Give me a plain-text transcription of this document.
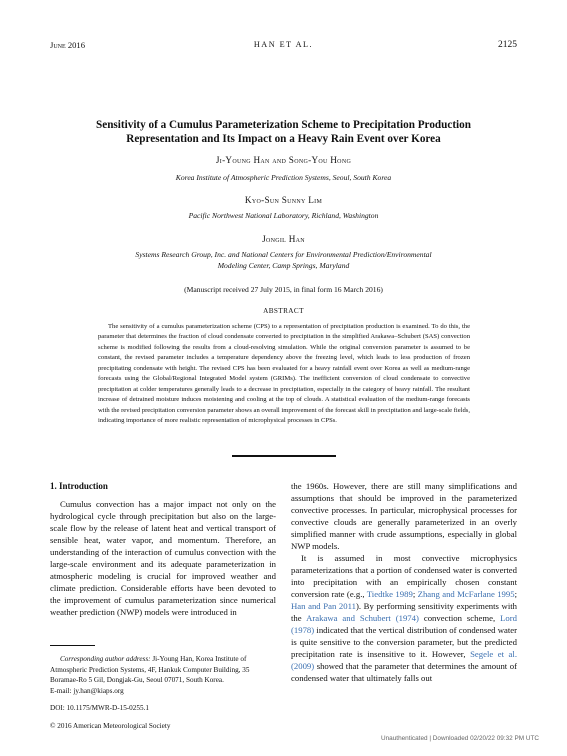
June 2016	HAN ET AL.	2125
Sensitivity of a Cumulus Parameterization Scheme to Precipitation Production Representation and Its Impact on a Heavy Rain Event over Korea
Ji-Young Han and Song-You Hong
Korea Institute of Atmospheric Prediction Systems, Seoul, South Korea
Kyo-Sun Sunny Lim
Pacific Northwest National Laboratory, Richland, Washington
Jongil Han
Systems Research Group, Inc. and National Centers for Environmental Prediction/Environmental
Modeling Center, Camp Springs, Maryland
(Manuscript received 27 July 2015, in final form 16 March 2016)
ABSTRACT
The sensitivity of a cumulus parameterization scheme (CPS) to a representation of precipitation production is examined. To do this, the parameter that determines the fraction of cloud condensate converted to precipitation in the simplified Arakawa–Schubert (SAS) convection scheme is modified following the results from a cloud-resolving simulation. While the original conversion parameter is assumed to be constant, the revised parameter includes a temperature dependency above the freezing level, which leads to less production of frozen precipitating condensate with height. The revised CPS has been evaluated for a heavy rainfall event over Korea as well as medium-range forecasts using the Global/Regional Integrated Model system (GRIMs). The inefficient conversion of cloud condensate to convective precipitation at colder temperatures generally leads to a decrease in precipitation, especially in the category of heavy rainfall. The resultant increase of detrained moisture induces moistening and cooling at the top of clouds. A statistical evaluation of the medium-range forecasts with the revised precipitation conversion parameter shows an overall improvement of the forecast skill in precipitation and large-scale fields, indicating importance of more realistic representation of microphysical processes in CPSs.

1. Introduction

Cumulus convection has a major impact not only on the hydrological cycle through precipitation but also on the large-scale flow by the release of latent heat and vertical transport of sensible heat, water vapor, and momentum. Therefore, an understanding of the interaction of cumulus convection with the large-scale environment and its adequate parameterization in atmospheric modeling is crucial for improved weather and climate prediction. Considerable efforts have been devoted to the improvement of cumulus parameterization since numerical weather prediction (NWP) models were introduced in

the 1960s. However, there are still many simplifications and assumptions that should be improved in the parameterized convective processes. In particular, microphysical processes for convective clouds are generally parameterized in an overly simplified manner with crude assumptions, especially in global NWP models.

It is assumed in most convective microphysics parameterizations that a portion of condensed water is converted into precipitation with an empirically chosen constant conversion rate (e.g., Tiedtke 1989; Zhang and McFarlane 1995; Han and Pan 2011). By performing sensitivity experiments with the Arakawa and Schubert (1974) convection scheme, Lord (1978) indicated that the vertical distribution of condensed water is quite sensitive to the conversion parameter, but the predicted precipitation rate is insensitive to it. However, Segele et al. (2009) showed that the parameter that determines the amount of condensed water that ultimately falls out

Corresponding author address: Ji-Young Han, Korea Institute of Atmospheric Prediction Systems, 4F, Hankuk Computer Building, 35 Boramae-Ro 5 Gil, Dongjak-Gu, Seoul 07071, South Korea.
E-mail: jy.han@kiaps.org
DOI: 10.1175/MWR-D-15-0255.1
© 2016 American Meteorological Society
Unauthenticated | Downloaded 02/20/22 09:32 PM UTC
